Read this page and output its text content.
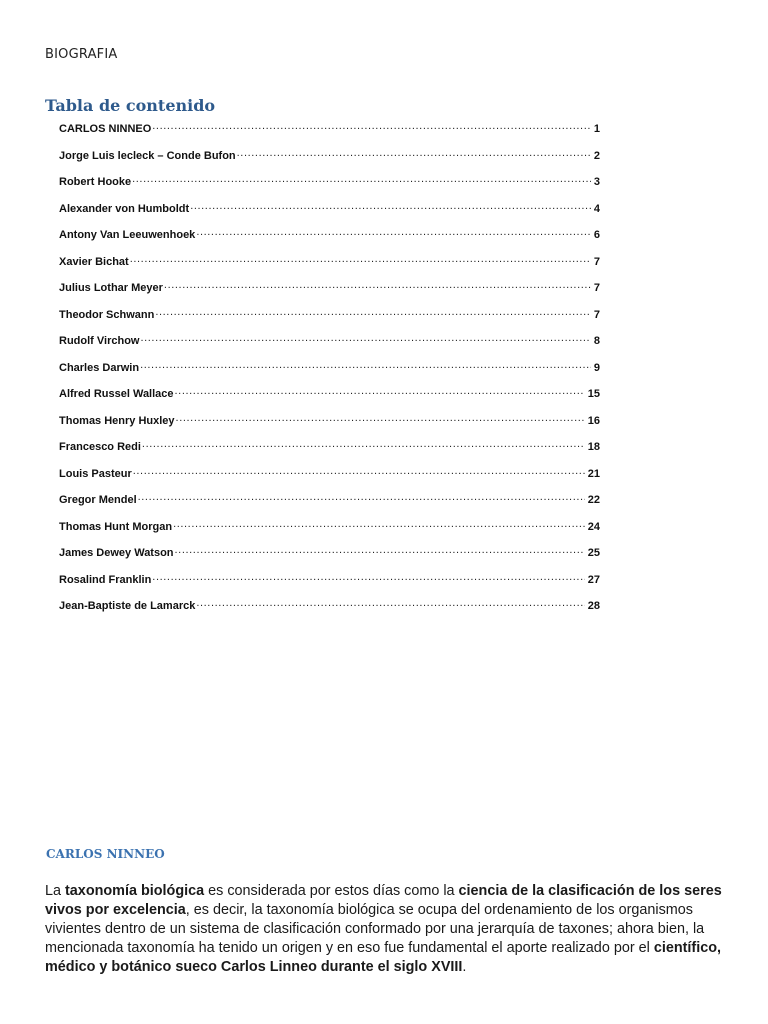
BIOGRAFIA
Tabla de contenido
CARLOS NINNEO .....	1
Jorge Luis lecleck – Conde Bufon .....	2
Robert Hooke .....	3
Alexander von Humboldt .....	4
Antony Van Leeuwenhoek .....	6
Xavier Bichat .....	7
Julius Lothar Meyer .....	7
Theodor Schwann .....	7
Rudolf Virchow .....	8
Charles Darwin .....	9
Alfred Russel Wallace .....	15
Thomas Henry Huxley .....	16
Francesco Redi .....	18
Louis Pasteur .....	21
Gregor Mendel .....	22
Thomas Hunt Morgan .....	24
James Dewey Watson .....	25
Rosalind Franklin .....	27
Jean-Baptiste de Lamarck .....	28
CARLOS NINNEO

La taxonomía biológica es considerada por estos días como la ciencia de la clasificación de los seres vivos por excelencia, es decir, la taxonomía biológica se ocupa del ordenamiento de los organismos vivientes dentro de un sistema de clasificación conformado por una jerarquía de taxones; ahora bien, la mencionada taxonomía ha tenido un origen y en eso fue fundamental el aporte realizado por el científico, médico y botánico sueco Carlos Linneo durante el siglo XVIII.
